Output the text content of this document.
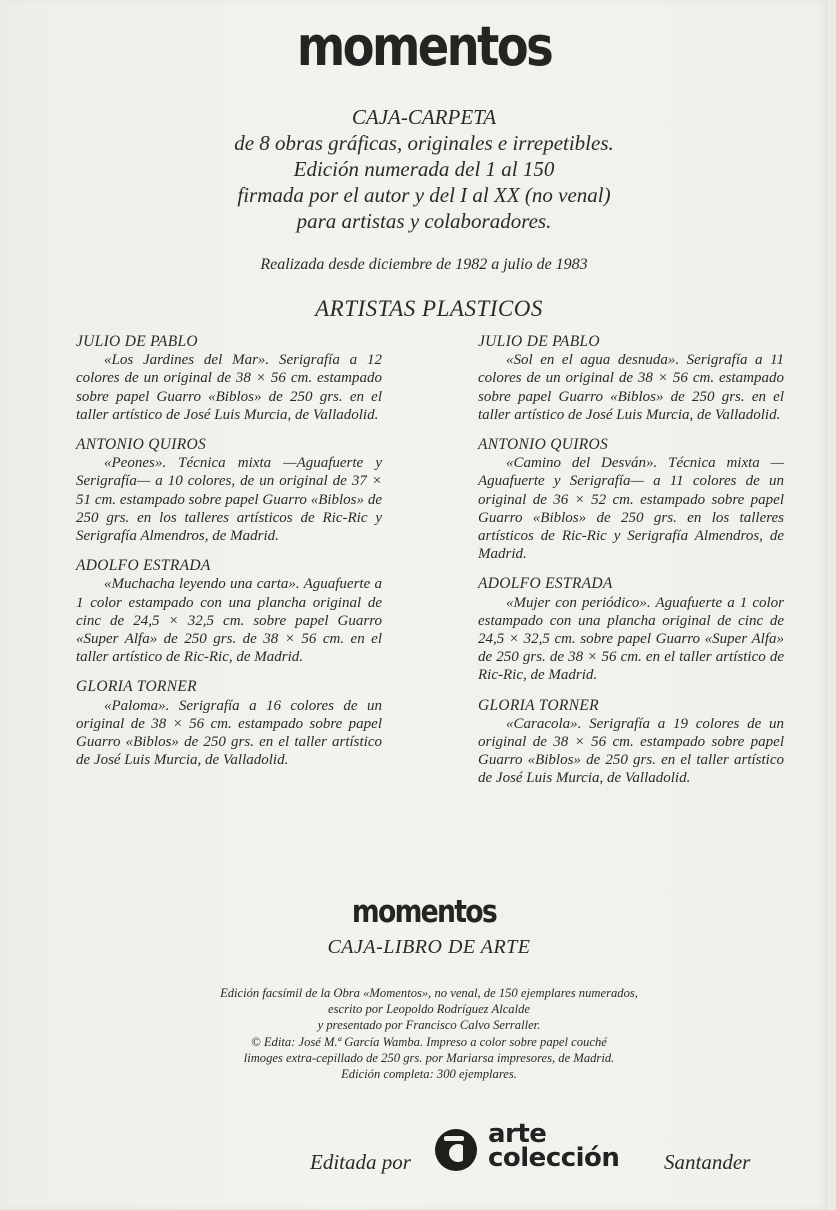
momentos
CAJA-CARPETA
de 8 obras gráficas, originales e irrepetibles.
Edición numerada del 1 al 150
firmada por el autor y del I al XX (no venal)
para artistas y colaboradores.
Realizada desde diciembre de 1982 a julio de 1983
ARTISTAS PLASTICOS
JULIO DE PABLO
«Los Jardines del Mar». Serigrafía a 12 colores de un original de 38 × 56 cm. estampado sobre papel Guarro «Biblos» de 250 grs. en el taller artístico de José Luis Murcia, de Valladolid.
ANTONIO QUIROS
«Peones». Técnica mixta —Aguafuerte y Serigrafía— a 10 colores, de un original de 37 × 51 cm. estampado sobre papel Guarro «Biblos» de 250 grs. en los talleres artísticos de Ric-Ric y Serigrafía Almendros, de Madrid.
ADOLFO ESTRADA
«Muchacha leyendo una carta». Aguafuerte a 1 color estampado con una plancha original de cinc de 24,5 × 32,5 cm. sobre papel Guarro «Super Alfa» de 250 grs. de 38 × 56 cm. en el taller artístico de Ric-Ric, de Madrid.
GLORIA TORNER
«Paloma». Serigrafía a 16 colores de un original de 38 × 56 cm. estampado sobre papel Guarro «Biblos» de 250 grs. en el taller artístico de José Luis Murcia, de Valladolid.
JULIO DE PABLO
«Sol en el agua desnuda». Serigrafía a 11 colores de un original de 38 × 56 cm. estampado sobre papel Guarro «Biblos» de 250 grs. en el taller artístico de José Luis Murcia, de Valladolid.
ANTONIO QUIROS
«Camino del Desván». Técnica mixta —Aguafuerte y Serigrafía— a 11 colores de un original de 36 × 52 cm. estampado sobre papel Guarro «Biblos» de 250 grs. en los talleres artísticos de Ric-Ric y Serigrafía Almendros, de Madrid.
ADOLFO ESTRADA
«Mujer con periódico». Aguafuerte a 1 color estampado con una plancha original de cinc de 24,5 × 32,5 cm. sobre papel Guarro «Super Alfa» de 250 grs. de 38 × 56 cm. en el taller artístico de Ric-Ric, de Madrid.
GLORIA TORNER
«Caracola». Serigrafía a 19 colores de un original de 38 × 56 cm. estampado sobre papel Guarro «Biblos» de 250 grs. en el taller artístico de José Luis Murcia, de Valladolid.
momentos
CAJA-LIBRO DE ARTE
Edición facsímil de la Obra «Momentos», no venal, de 150 ejemplares numerados,
escrito por Leopoldo Rodríguez Alcalde
y presentado por Francisco Calvo Serraller.
© Edita: José M.ª García Wamba. Impreso a color sobre papel couché
limoges extra-cepillado de 250 grs. por Mariarsa impresores, de Madrid.
Edición completa: 300 ejemplares.
Editada por
arte
colección Santander
